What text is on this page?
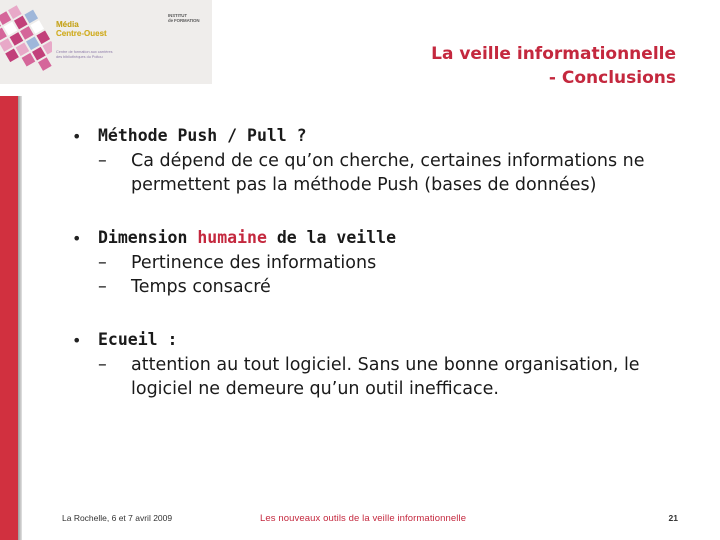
Média
Centre-Ouest
Centre de formation aux carrières
des bibliothèques du Poitou
INSTITUT
de FORMATION
La veille informationnelle
- Conclusions
• Méthode Push / Pull ?
– Ca dépend de ce qu’on cherche, certaines informations ne permettent pas la méthode Push (bases de données)
• Dimension humaine de la veille
– Pertinence des informations
– Temps consacré
• Ecueil :
– attention au tout logiciel. Sans une bonne organisation, le logiciel ne demeure qu’un outil inefficace.
La Rochelle, 6 et 7 avril 2009	Les nouveaux outils de la veille informationnelle	21
